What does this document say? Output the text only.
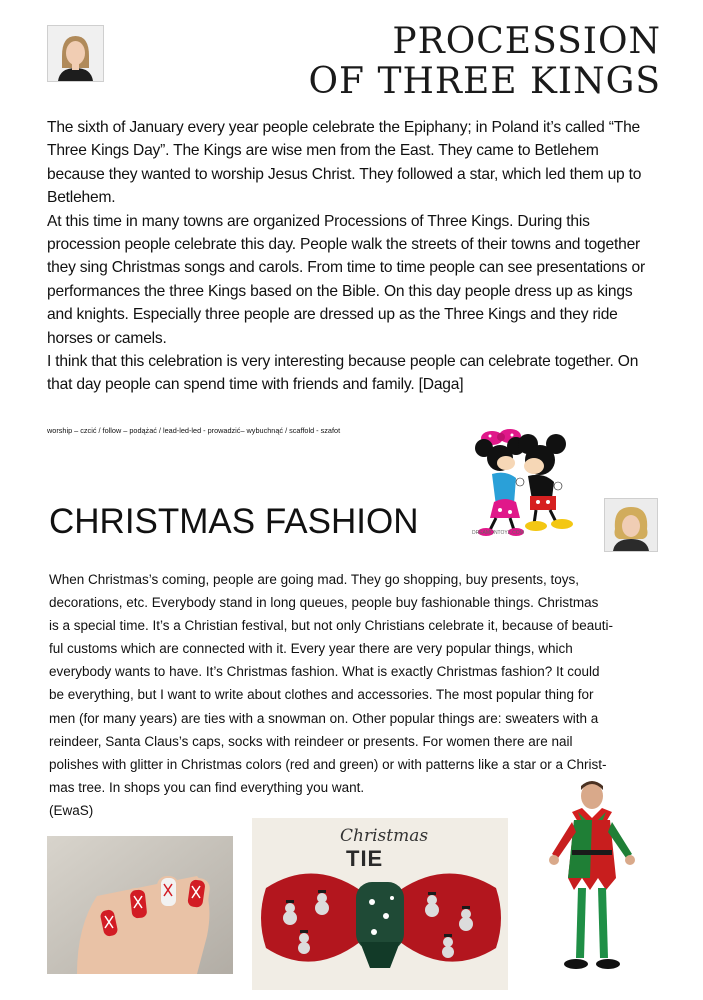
PROCESSION
OF THREE KINGS

The sixth of January every year people celebrate the Epiphany; in Poland it’s called “The Three Kings Day”. The Kings are wise men from the East. They came to Betlehem because they wanted to worship Jesus Christ. They followed a star, which led them up to Betlehem.

At this time in many towns are organized Processions of Three Kings. During this procession people celebrate this day. People walk the streets of their towns and together they sing Christmas songs and carols. From time to time people can see presentations or performances the three Kings based on the Bible. On this day people dress up as kings and knights. Especially three people are dressed up as the Three Kings and they ride horses or camels.

I think that this celebration is very interesting because people can celebrate together. On that day people can spend time with friends and family. [Daga]

worship – czcić / follow – podążać / lead-led-led - prowadzić– wybuchnąć / scaffold - szafot
DREAMONTOYZ.COM
CHRISTMAS FASHION
When Christmas’s coming, people are going mad. They go shopping, buy presents, toys,
decorations, etc. Everybody stand in long queues, people buy fashionable things. Christmas
is a special time. It’s a Christian festival, but not only Christians celebrate it, because of beauti-
ful customs which are connected with it. Every year there are very popular things, which
everybody wants to have. It’s Christmas fashion. What is exactly Christmas fashion? It could
be everything, but I want to write about clothes and accessories. The most popular thing for
men (for many years) are ties with a snowman on. Other popular things are: sweaters with a
reindeer, Santa Claus’s caps, socks with reindeer or presents. For women there are nail
polishes with glitter in Christmas colors (red and green) or with patterns like a star or a Christ-
mas tree. In shops you can find everything you want.
(EwaS)
Christmas
TIE
